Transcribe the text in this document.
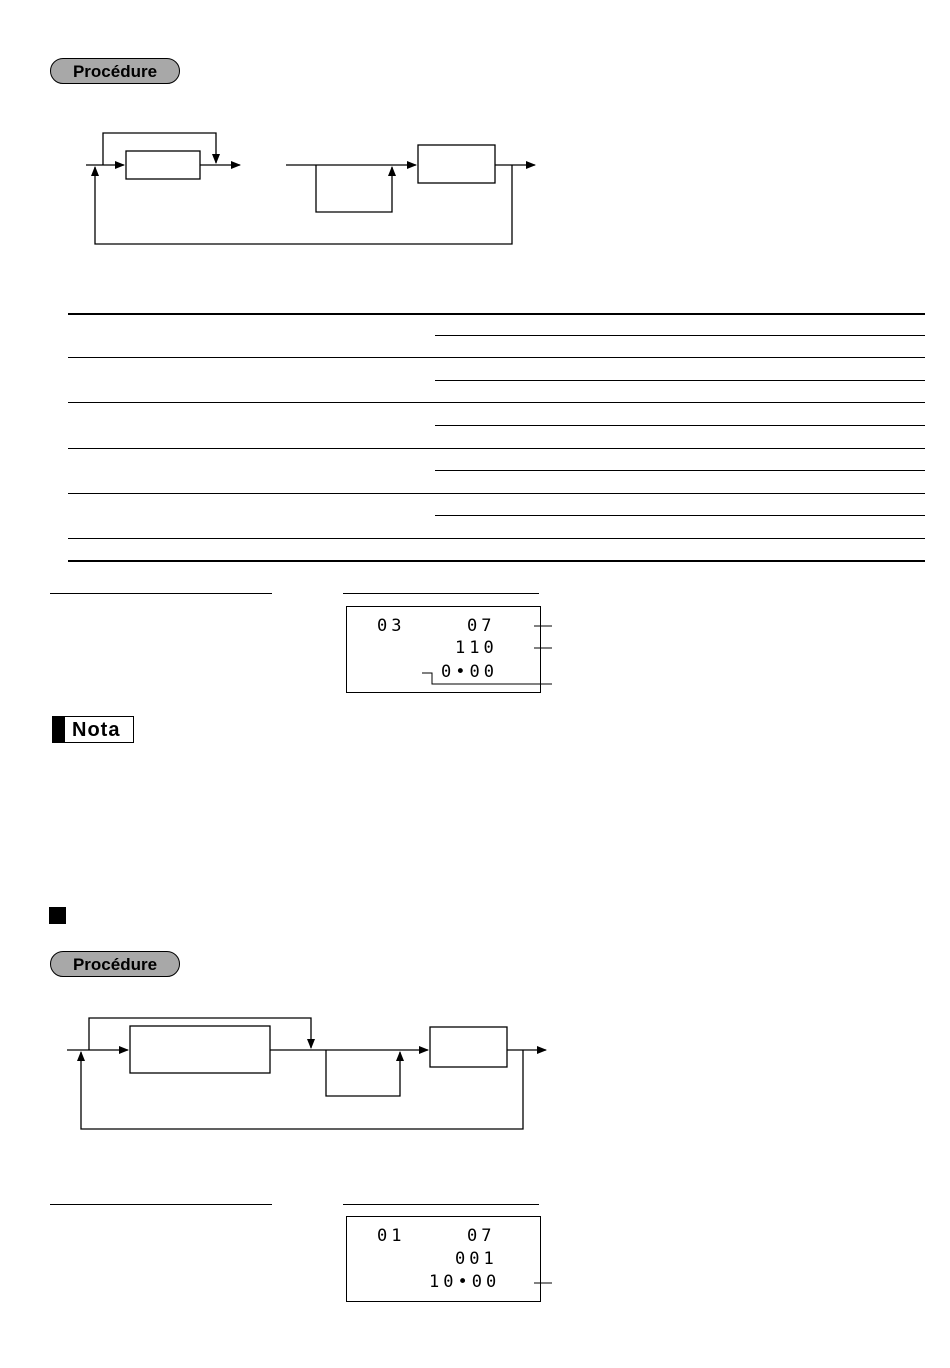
Procédure
03	07
110
0•00
Nota
Procédure
01	07
001
10•00
